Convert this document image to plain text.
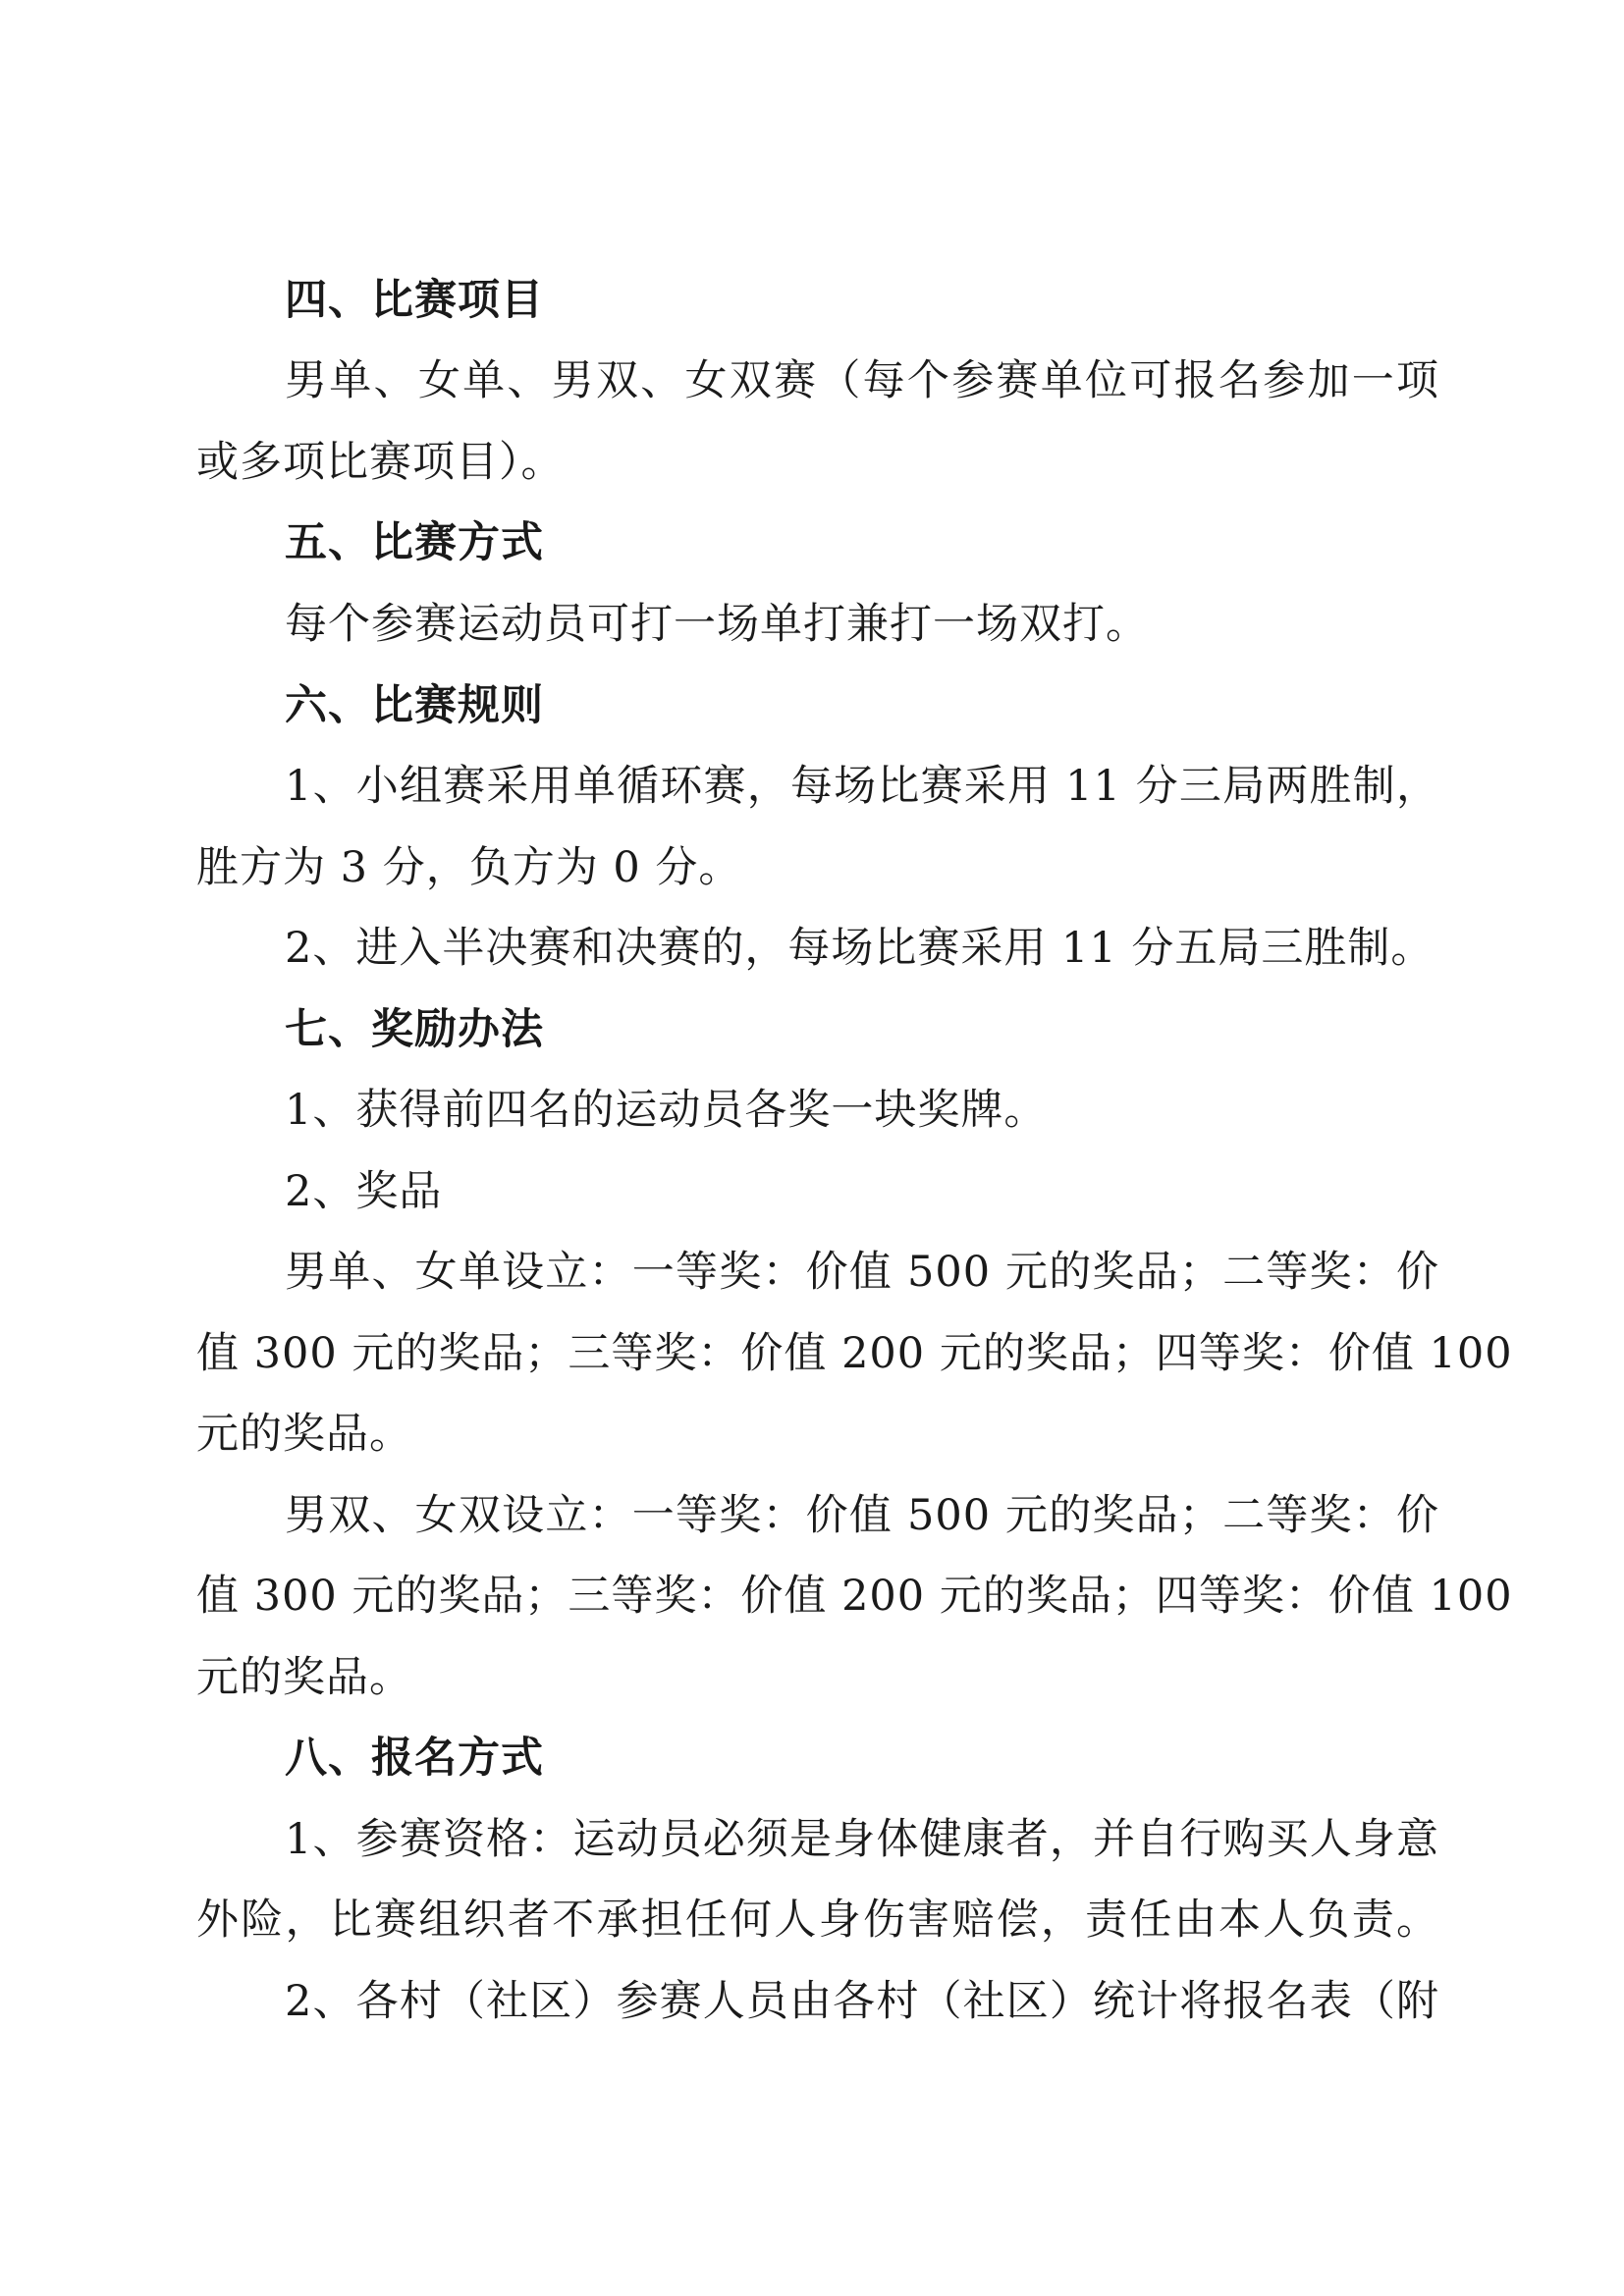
四、比赛项目
男单、女单、男双、女双赛（每个参赛单位可报名参加一项
或多项比赛项目）。
五、比赛方式
每个参赛运动员可打一场单打兼打一场双打。
六、比赛规则
1、小组赛采用单循环赛，每场比赛采用 11 分三局两胜制，
胜方为 3 分，负方为 0 分。
2、进入半决赛和决赛的，每场比赛采用 11 分五局三胜制。
七、奖励办法
1、获得前四名的运动员各奖一块奖牌。
2、奖品
男单、女单设立：一等奖：价值 500 元的奖品；二等奖：价
值 300 元的奖品；三等奖：价值 200 元的奖品；四等奖：价值 100
元的奖品。
男双、女双设立：一等奖：价值 500 元的奖品；二等奖：价
值 300 元的奖品；三等奖：价值 200 元的奖品；四等奖：价值 100
元的奖品。
八、报名方式
1、参赛资格：运动员必须是身体健康者，并自行购买人身意
外险，比赛组织者不承担任何人身伤害赔偿，责任由本人负责。
2、各村（社区）参赛人员由各村（社区）统计将报名表（附
